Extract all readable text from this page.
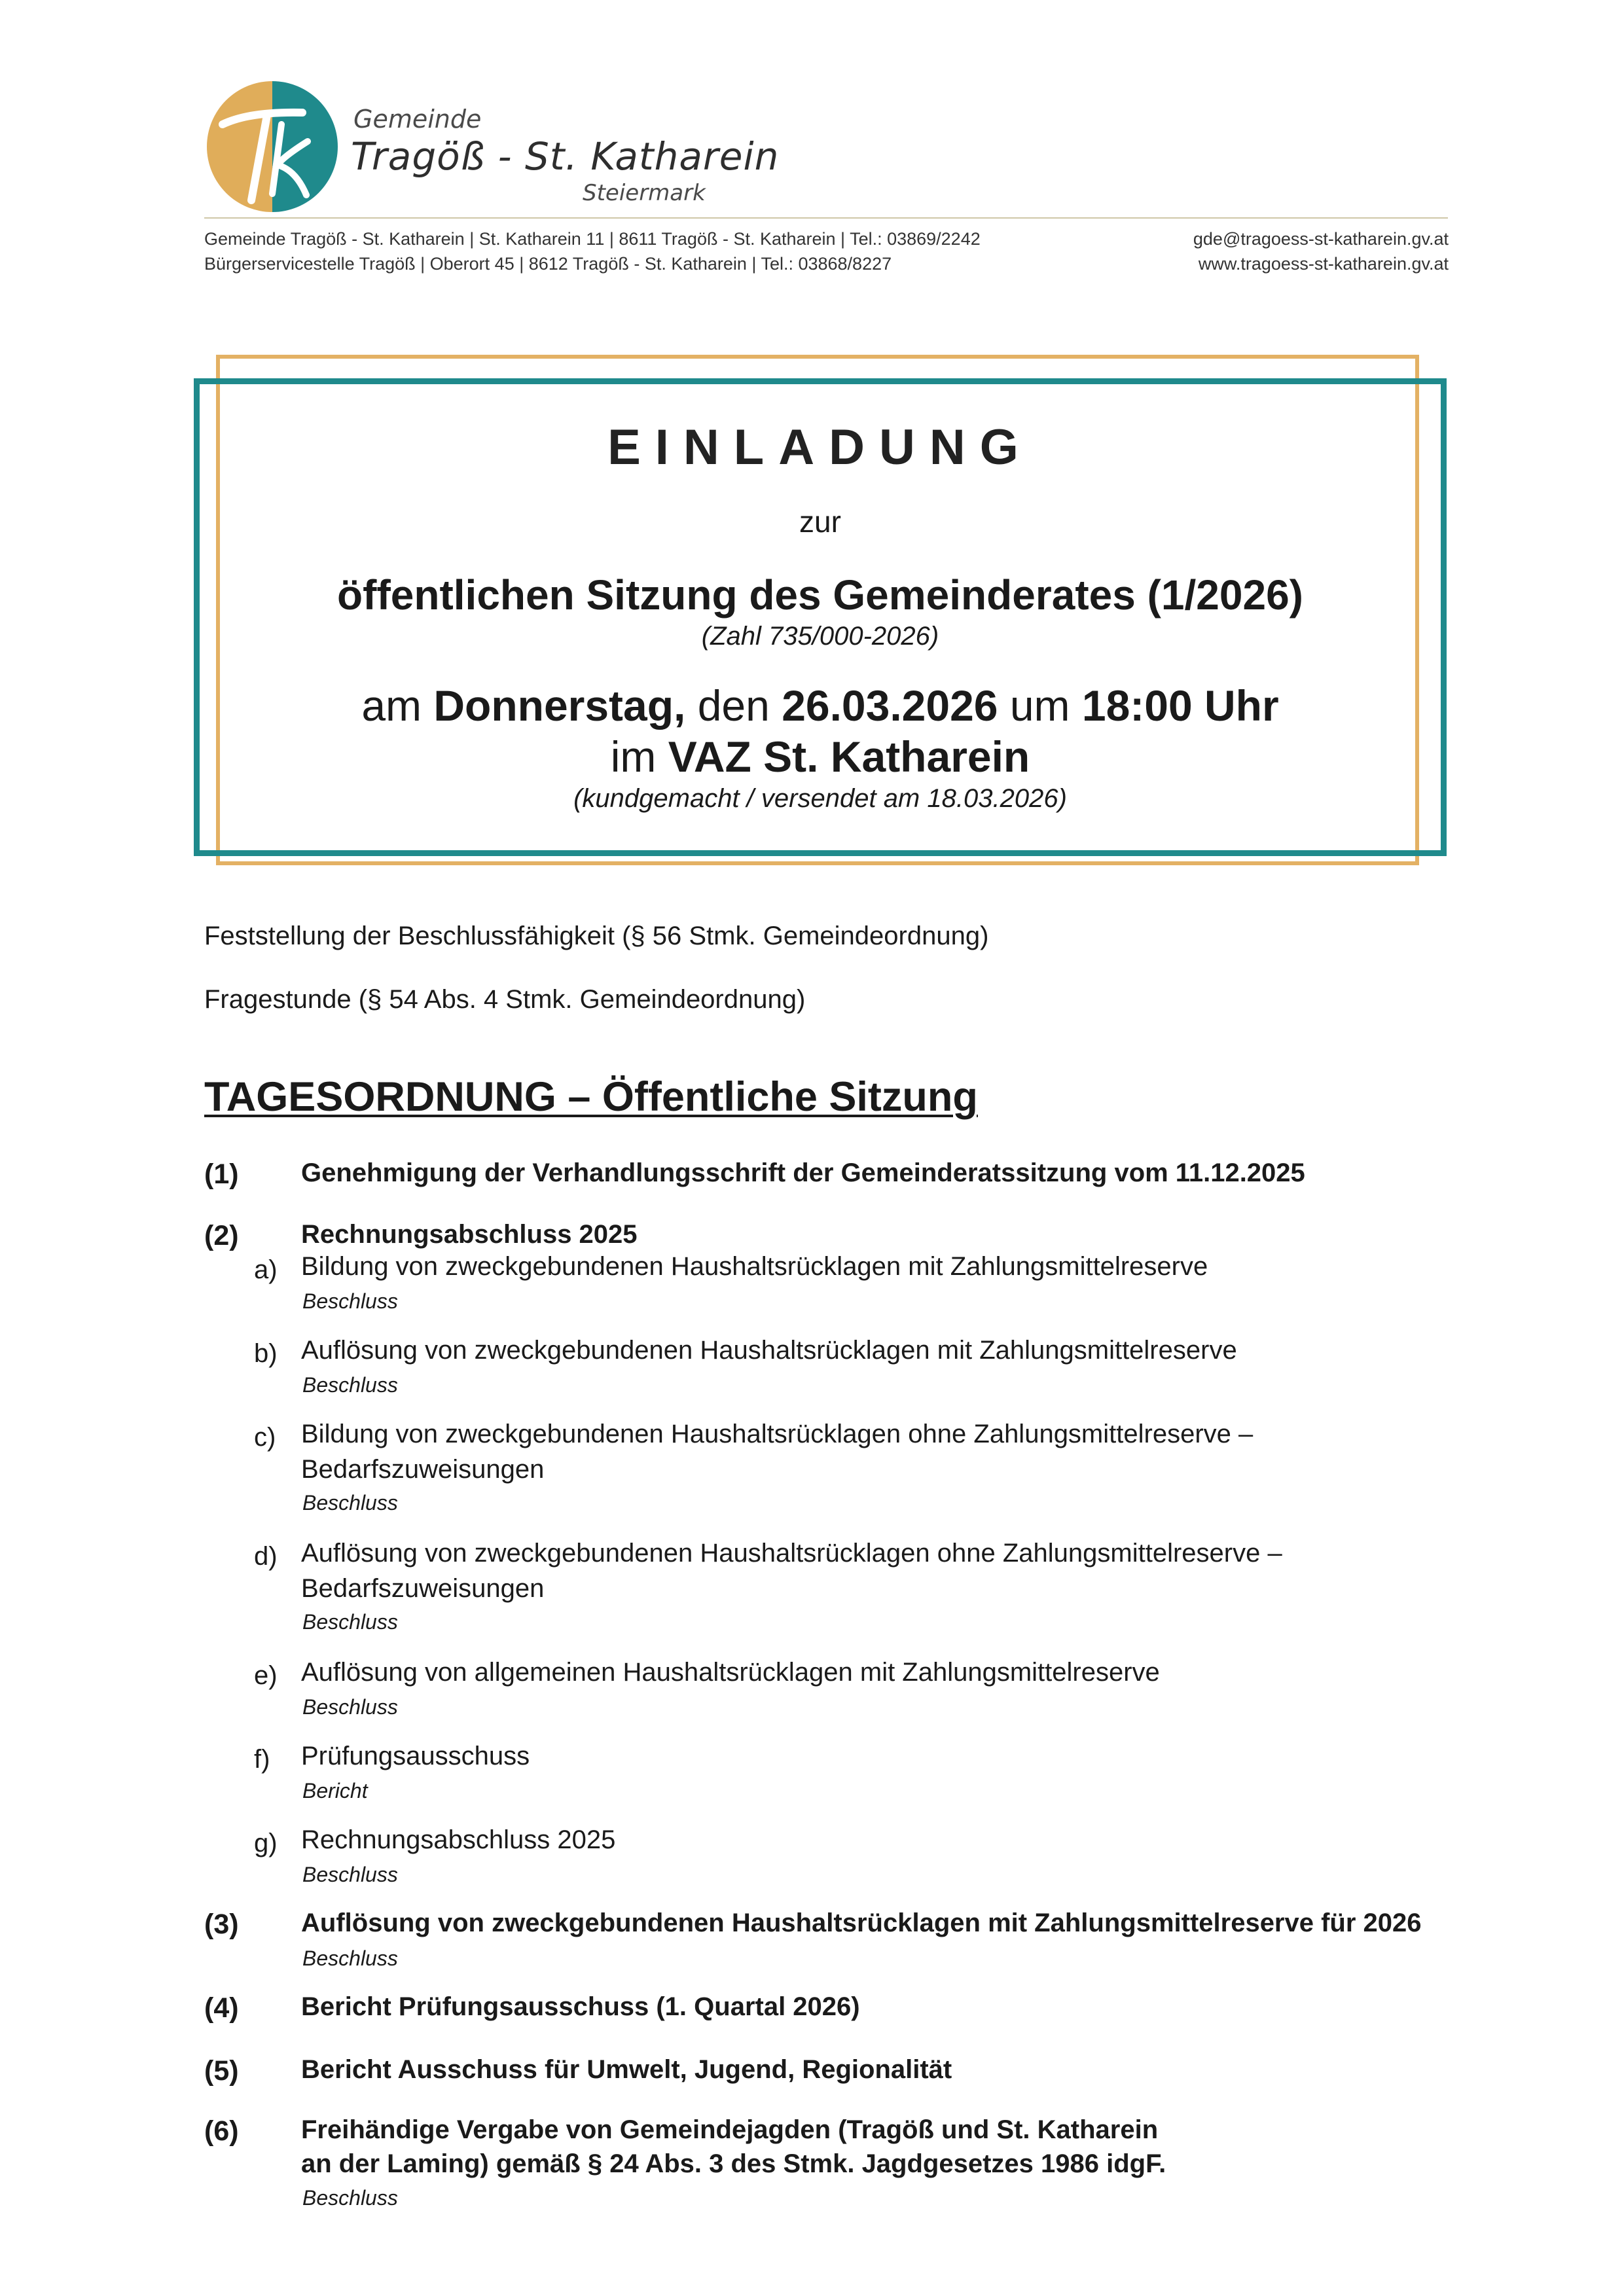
Gemeinde
Tragöß - St. Katharein
Steiermark
Gemeinde Tragöß - St. Katharein | St. Katharein 11 | 8611 Tragöß - St. Katharein | Tel.: 03869/2242
Bürgerservicestelle Tragöß | Oberort 45 | 8612 Tragöß - St. Katharein | Tel.: 03868/8227
gde@tragoess-st-katharein.gv.at
www.tragoess-st-katharein.gv.at
EINLADUNG
zur
öffentlichen Sitzung des Gemeinderates (1/2026)
(Zahl 735/000-2026)
am Donnerstag, den 26.03.2026 um 18:00 Uhr
im VAZ St. Katharein
(kundgemacht / versendet am 18.03.2026)
Feststellung der Beschlussfähigkeit (§ 56 Stmk. Gemeindeordnung)
Fragestunde (§ 54 Abs. 4 Stmk. Gemeindeordnung)
TAGESORDNUNG – Öffentliche Sitzung
(1) Genehmigung der Verhandlungsschrift der Gemeinderatssitzung vom 11.12.2025
(2) Rechnungsabschluss 2025
a) Bildung von zweckgebundenen Haushaltsrücklagen mit Zahlungsmittelreserve
Beschluss
b) Auflösung von zweckgebundenen Haushaltsrücklagen mit Zahlungsmittelreserve
Beschluss
c) Bildung von zweckgebundenen Haushaltsrücklagen ohne Zahlungsmittelreserve –
Bedarfszuweisungen
Beschluss
d) Auflösung von zweckgebundenen Haushaltsrücklagen ohne Zahlungsmittelreserve –
Bedarfszuweisungen
Beschluss
e) Auflösung von allgemeinen Haushaltsrücklagen mit Zahlungsmittelreserve
Beschluss
f) Prüfungsausschuss
Bericht
g) Rechnungsabschluss 2025
Beschluss
(3) Auflösung von zweckgebundenen Haushaltsrücklagen mit Zahlungsmittelreserve für 2026
Beschluss
(4) Bericht Prüfungsausschuss (1. Quartal 2026)
(5) Bericht Ausschuss für Umwelt, Jugend, Regionalität
(6) Freihändige Vergabe von Gemeindejagden (Tragöß und St. Katharein
an der Laming) gemäß § 24 Abs. 3 des Stmk. Jagdgesetzes 1986 idgF.
Beschluss
